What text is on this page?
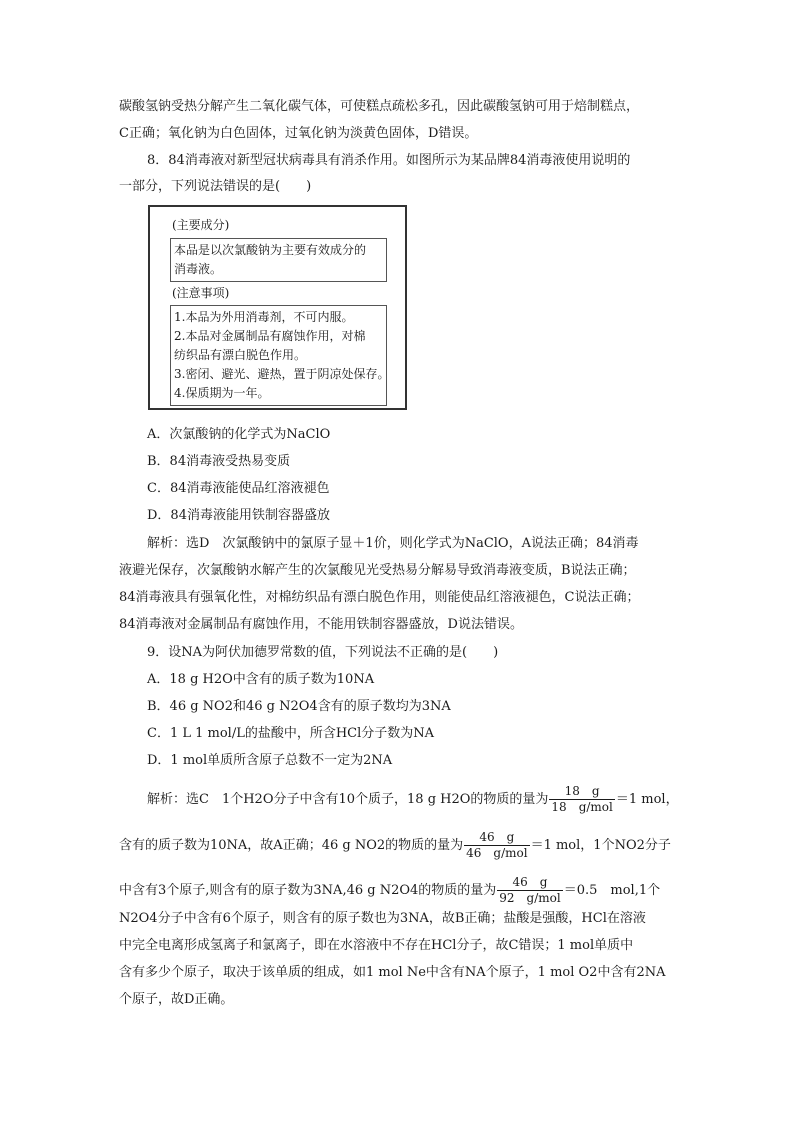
碳酸氢钠受热分解产生二氧化碳气体，可使糕点疏松多孔，因此碳酸氢钠可用于焙制糕点，
C正确；氧化钠为白色固体，过氧化钠为淡黄色固体，D错误。
8．84消毒液对新型冠状病毒具有消杀作用。如图所示为某品牌84消毒液使用说明的
一部分，下列说法错误的是(　　)
(主要成分)
本品是以次氯酸钠为主要有效成分的
消毒液。
(注意事项)
1.本品为外用消毒剂，不可内服。
2.本品对金属制品有腐蚀作用，对棉
纺织品有漂白脱色作用。
3.密闭、避光、避热，置于阴凉处保存。
4.保质期为一年。
A．次氯酸钠的化学式为NaClO
B．84消毒液受热易变质
C．84消毒液能使品红溶液褪色
D．84消毒液能用铁制容器盛放
解析：选D　次氯酸钠中的氯原子显＋1价，则化学式为NaClO，A说法正确；84消毒
液避光保存，次氯酸钠水解产生的次氯酸见光受热易分解易导致消毒液变质，B说法正确；
84消毒液具有强氧化性，对棉纺织品有漂白脱色作用，则能使品红溶液褪色，C说法正确；
84消毒液对金属制品有腐蚀作用，不能用铁制容器盛放，D说法错误。
9．设NA为阿伏加德罗常数的值，下列说法不正确的是(　　)
A．18 g H2O中含有的质子数为10NA
B．46 g NO2和46 g N2O4含有的原子数均为3NA
C．1 L 1 mol/L的盐酸中，所含HCl分子数为NA
D．1 mol单质所含原子总数不一定为2NA
解析：选C　1个H2O分子中含有10个质子，18 g H2O的物质的量为 $\frac{18 g}{\text{18　g/mol}} =1$ mol，
含有的质子数为10NA，故A正确；46 g NO2的物质的量为 $\frac{46 g}{\text{46　g/mol}} =1$ mol，1个NO2分子
中含有3个原子,则含有的原子数为3NA,46 g N2O4的物质的量为 $\frac{46 g}{\text{92　g/mol}} =0.5$　mol,1个
N2O4分子中含有6个原子，则含有的原子数也为3NA，故B正确；盐酸是强酸，HCl在溶液
中完全电离形成氢离子和氯离子，即在水溶液中不存在HCl分子，故C错误；1 mol单质中
含有多少个原子，取决于该单质的组成，如1 mol Ne中含有NA个原子，1 mol O2中含有2NA
个原子，故D正确。
